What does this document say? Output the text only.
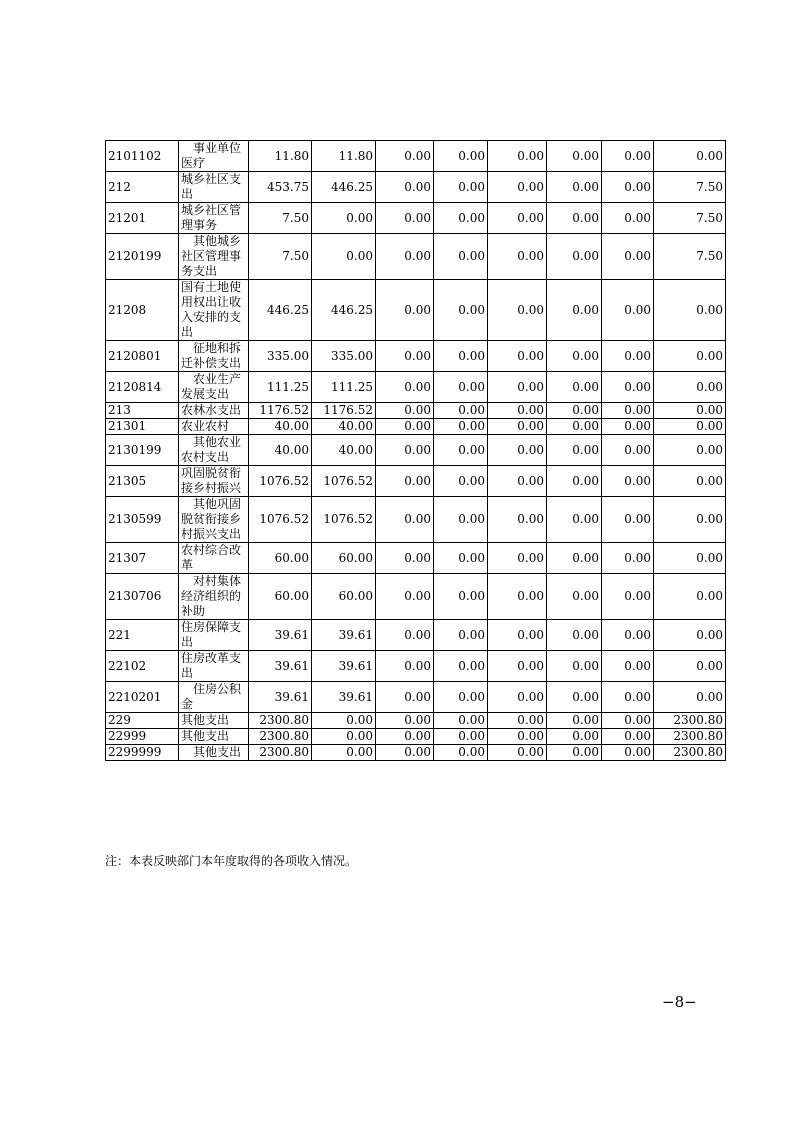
2101102	事业单位医疗	11.80	11.80	0.00	0.00	0.00	0.00	0.00	0.00
212	城乡社区支出	453.75	446.25	0.00	0.00	0.00	0.00	0.00	7.50
21201	城乡社区管理事务	7.50	0.00	0.00	0.00	0.00	0.00	0.00	7.50
2120199	其他城乡社区管理事务支出	7.50	0.00	0.00	0.00	0.00	0.00	0.00	7.50
21208	国有土地使用权出让收入安排的支出	446.25	446.25	0.00	0.00	0.00	0.00	0.00	0.00
2120801	征地和拆迁补偿支出	335.00	335.00	0.00	0.00	0.00	0.00	0.00	0.00
2120814	农业生产发展支出	111.25	111.25	0.00	0.00	0.00	0.00	0.00	0.00
213	农林水支出	1176.52	1176.52	0.00	0.00	0.00	0.00	0.00	0.00
21301	农业农村	40.00	40.00	0.00	0.00	0.00	0.00	0.00	0.00
2130199	其他农业农村支出	40.00	40.00	0.00	0.00	0.00	0.00	0.00	0.00
21305	巩固脱贫衔接乡村振兴	1076.52	1076.52	0.00	0.00	0.00	0.00	0.00	0.00
2130599	其他巩固脱贫衔接乡村振兴支出	1076.52	1076.52	0.00	0.00	0.00	0.00	0.00	0.00
21307	农村综合改革	60.00	60.00	0.00	0.00	0.00	0.00	0.00	0.00
2130706	对村集体经济组织的补助	60.00	60.00	0.00	0.00	0.00	0.00	0.00	0.00
221	住房保障支出	39.61	39.61	0.00	0.00	0.00	0.00	0.00	0.00
22102	住房改革支出	39.61	39.61	0.00	0.00	0.00	0.00	0.00	0.00
2210201	住房公积金	39.61	39.61	0.00	0.00	0.00	0.00	0.00	0.00
229	其他支出	2300.80	0.00	0.00	0.00	0.00	0.00	0.00	2300.80
22999	其他支出	2300.80	0.00	0.00	0.00	0.00	0.00	0.00	2300.80
2299999	其他支出	2300.80	0.00	0.00	0.00	0.00	0.00	0.00	2300.80
注：本表反映部门本年度取得的各项收入情况。
−8−
